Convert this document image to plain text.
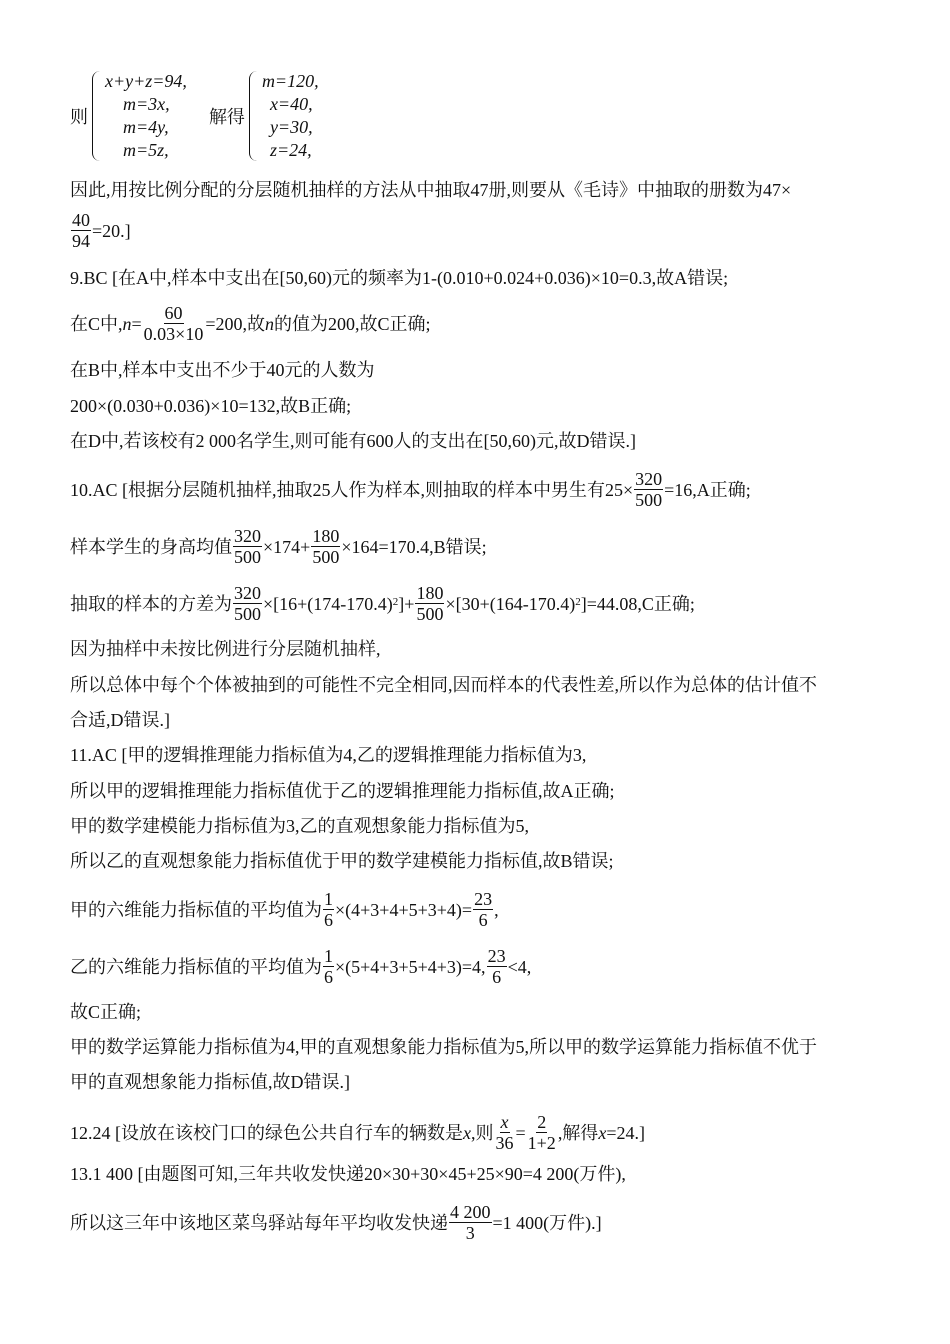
则
x+y+z=94,
m=3x,
m=4y,
m=5z,
解得
m=120,
x=40,
y=30,
z=24,
因此,用按比例分配的分层随机抽样的方法从中抽取47册,则要从《毛诗》中抽取的册数为47×
$\frac{40}{94} =20$.]
9.BC [在A中,样本中支出在[50,60)元的频率为1-(0.010+0.024+0.036)×10=0.3,故A错误;
在C中, $n = \frac{60}{0.03\times 10} =200$,故 n 的值为200,故C正确;
在B中,样本中支出不少于40元的人数为
200×(0.030+0.036)×10=132,故B正确;
在D中,若该校有2 000名学生,则可能有600人的支出在[50,60)元,故D错误.]
10.AC [根据分层随机抽样,抽取25人作为样本,则抽取的样本中男生有$25\times \frac{320}{500} =16,A$正确;
样本学生的身高均值 $\frac{320}{500} \times 174+ \frac{180}{500} \times 164=170.4,B$错误;
抽取的样本的方差为 $\frac{320}{500} \times[16+(174-170.4)^2$ ]+ $\frac{180}{500} \times[30+(164-170.4)^2$ ]=44.08,C正确;
因为抽样中未按比例进行分层随机抽样,
所以总体中每个个体被抽到的可能性不完全相同,因而样本的代表性差,所以作为总体的估计值不
合适,D错误.]
11.AC [甲的逻辑推理能力指标值为4,乙的逻辑推理能力指标值为3,
所以甲的逻辑推理能力指标值优于乙的逻辑推理能力指标值,故A正确;
甲的数学建模能力指标值为3,乙的直观想象能力指标值为5,
所以乙的直观想象能力指标值优于甲的数学建模能力指标值,故B错误;
甲的六维能力指标值的平均值为 $\frac{1}{6} \times(4+3+4+5+3+4)= \frac{23}{6}$ ,
乙的六维能力指标值的平均值为 $\frac{1}{6} \times(5+4+3+5+4+3)=4$, $\frac{23}{6} <4$,
故C正确;
甲的数学运算能力指标值为4,甲的直观想象能力指标值为5,所以甲的数学运算能力指标值不优于
甲的直观想象能力指标值,故D错误.]
12.24 [设放在该校门口的绿色公共自行车的辆数是 x ,则 $\frac{x}{36} = \frac{2}{1+2}$ ,解得 x =24.]
13.1 400 [由题图可知,三年共收发快递20×30+30×45+25×90=4 200(万件),
所以这三年中该地区菜鸟驿站每年平均收发快递 $\frac{4 200}{3} =1$ 400(万件).]
